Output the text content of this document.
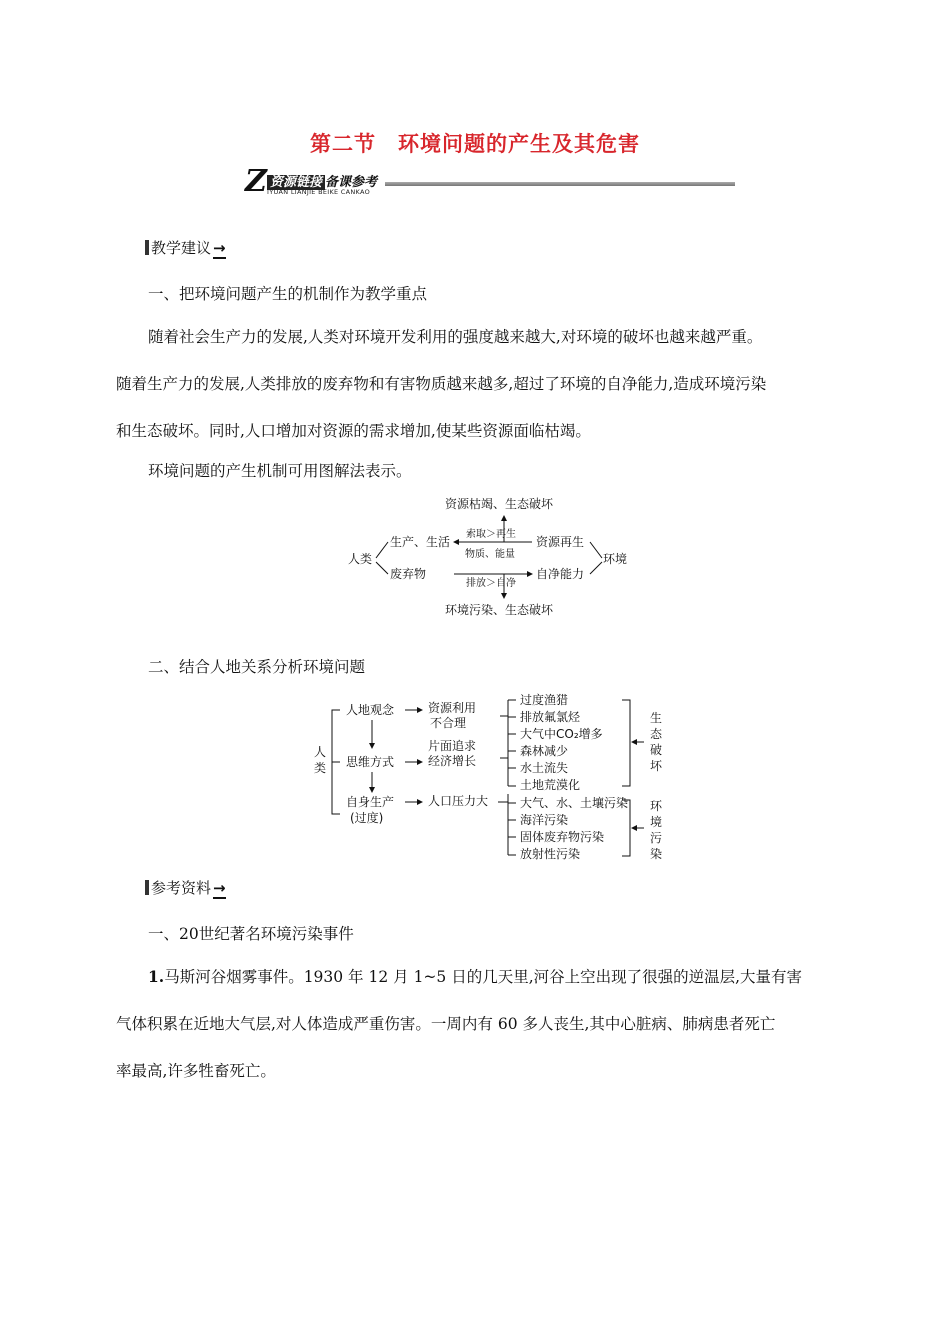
第二节　环境问题的产生及其危害
Z 资源链接 备课参考
IYUAN LIANJIE BEIKE CANKAO
教学建议 →
一、把环境问题产生的机制作为教学重点
随着社会生产力的发展,人类对环境开发利用的强度越来越大,对环境的破坏也越来越严重。
随着生产力的发展,人类排放的废弃物和有害物质越来越多,超过了环境的自净能力,造成环境污染
和生态破坏。同时,人口增加对资源的需求增加,使某些资源面临枯竭。
环境问题的产生机制可用图解法表示。
资源枯竭、生态破坏
索取＞再生
物质、能量
生产、生活
废弃物
人类
资源再生
自净能力
环境
排放＞自净
环境污染、生态破坏
二、结合人地关系分析环境问题
人
类
人地观念
思维方式
自身生产
(过度)
资源利用
不合理
片面追求
经济增长
人口压力大
过度渔猎
排放氟氯烃
大气中CO₂增多
森林减少
水土流失
土地荒漠化
大气、水、土壤污染
海洋污染
固体废弃物污染
放射性污染
生
态
破
坏
环
境
污
染
参考资料 →
一、20世纪著名环境污染事件
1.马斯河谷烟雾事件。1930 年 12 月 1~5 日的几天里,河谷上空出现了很强的逆温层,大量有害
气体积累在近地大气层,对人体造成严重伤害。一周内有 60 多人丧生,其中心脏病、肺病患者死亡
率最高,许多牲畜死亡。
